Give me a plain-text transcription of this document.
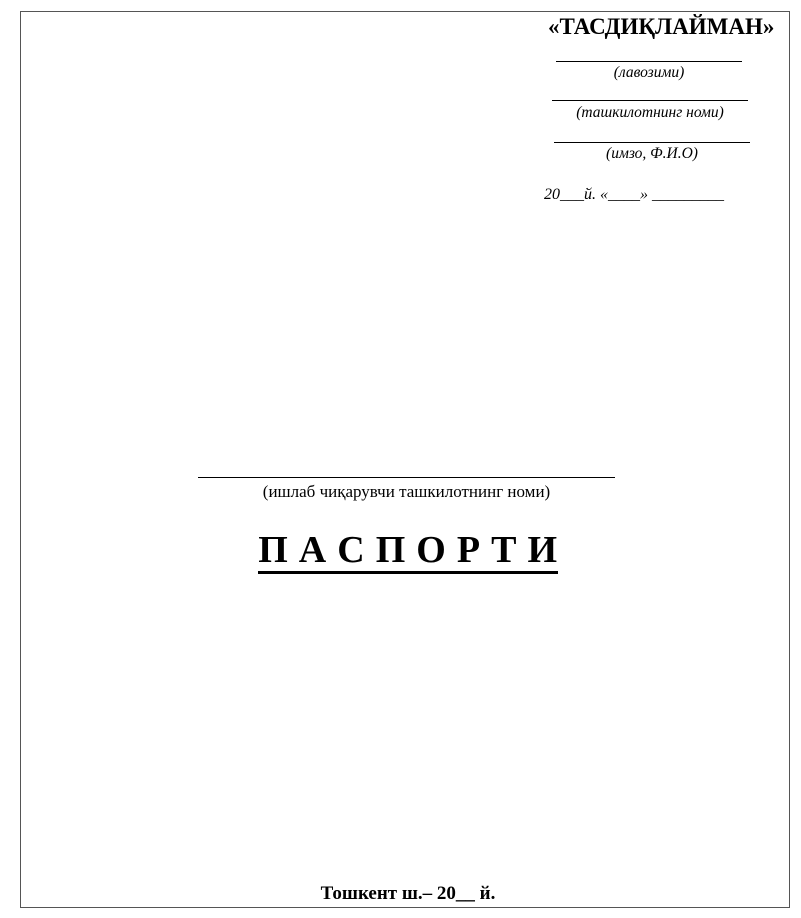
«ТАСДИҚЛАЙМАН»
(лавозими)
(ташкилотнинг номи)
(имзо, Ф.И.О)
20___й. «____» _________
(ишлаб чиқарувчи ташкилотнинг номи)
П А С П О Р Т И
Тошкент ш.– 20__ й.
